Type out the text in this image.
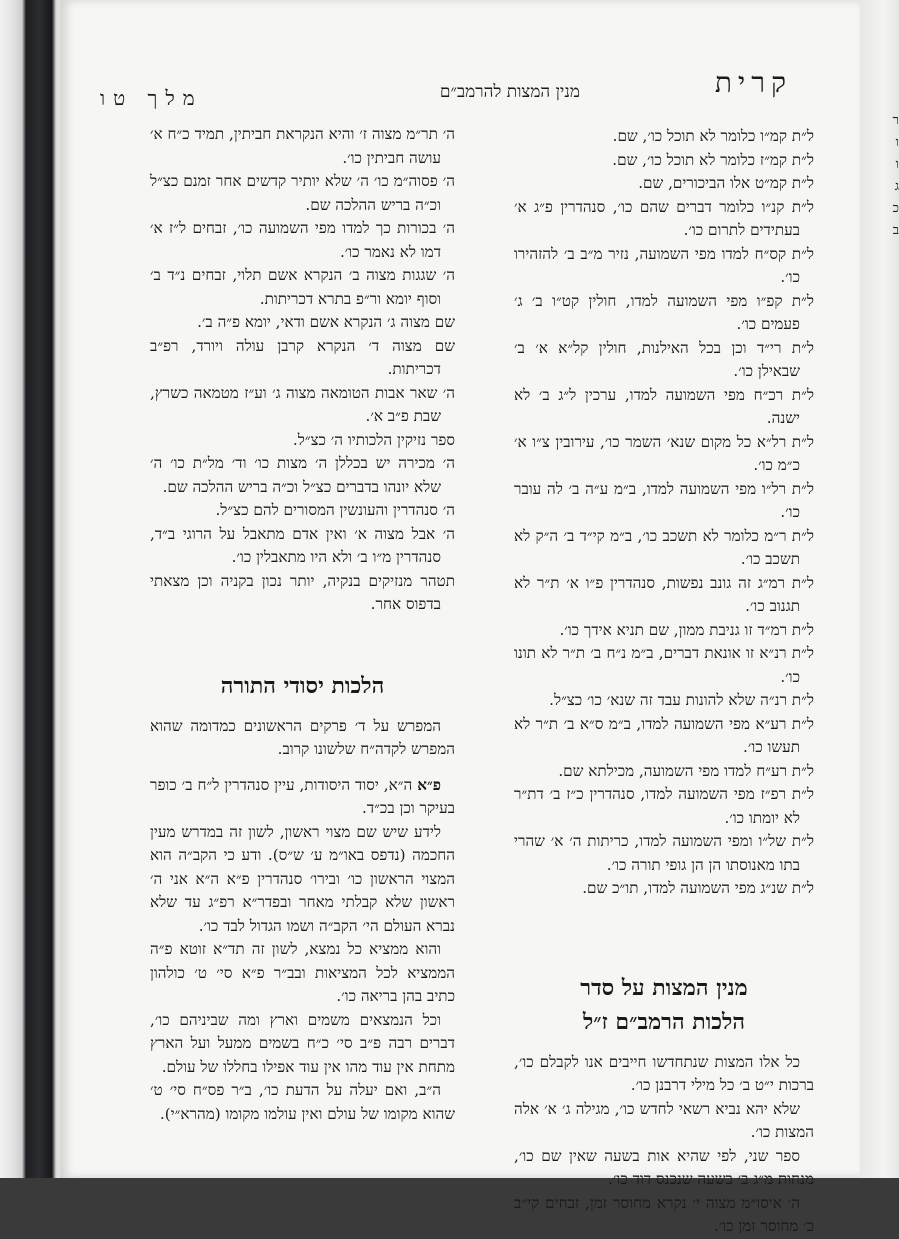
ר
ו
ו
ג
כ
ב
קרית
מנין המצות להרמב״ם
מלך טו

ל״ת קמ״ו כלומר לא תוכל כו׳, שם.

ל״ת קמ״ז כלומר לא תוכל כו׳, שם.

ל״ת קמ״ט אלו הביכורים, שם.

ל״ת קנ״ו כלומר דברים שהם כו׳, סנהדרין פ״ג א׳ בעתידים לתרום כו׳.

ל״ת קס״ח למדו מפי השמועה, נזיר מ״ב ב׳ להזהירו כו׳.

ל״ת קפ״ו מפי השמועה למדו, חולין קט״ו ב׳ ג׳ פעמים כו׳.

ל״ת רי״ד וכן בכל האילנות, חולין קל״א א׳ ב׳ שבאילן כו׳.

ל״ת רכ״ח מפי השמועה למדו, ערכין ל״ג ב׳ לא ישנה.

ל״ת רל״א כל מקום שנא׳ השמר כו׳, עירובין צ״ו א׳ כ״מ כו׳.

ל״ת רל״ו מפי השמועה למדו, ב״מ ע״ה ב׳ לה עובר כו׳.

ל״ת ר״מ כלומר לא תשכב כו׳, ב״מ קי״ד ב׳ ה״ק לא תשכב כו׳.

ל״ת רמ״ג זה גונב נפשות, סנהדרין פ״ו א׳ ת״ר לא תגנוב כו׳.

ל״ת רמ״ד זו גניבת ממון, שם תניא אידך כו׳.

ל״ת רנ״א זו אונאת דברים, ב״מ נ״ח ב׳ ת״ר לא תונו כו׳.

ל״ת רנ״ה שלא להונות עבד זה שנא׳ כו׳ כצ״ל.

ל״ת רע״א מפי השמועה למדו, ב״מ ס״א ב׳ ת״ר לא תעשו כו׳.

ל״ת רע״ח למדו מפי השמועה, מכילתא שם.

ל״ת רפ״ז מפי השמועה למדו, סנהדרין כ״ז ב׳ דת״ר לא יומתו כו׳.

ל״ת של״ו ומפי השמועה למדו, כריתות ה׳ א׳ שהרי בתו מאנוסתו הן הן גופי תורה כו׳.

ל״ת שנ״ג מפי השמועה למדו, תו״כ שם.

מנין המצות על סדר

הלכות הרמב״ם ז״ל

כל אלו המצות שנתחדשו חייבים אנו לקבלם כו׳, ברכות י״ט ב׳ כל מילי דרבנן כו׳.

שלא יהא נביא רשאי לחדש כו׳, מגילה ג׳ א׳ אלה המצות כו׳.

ספר שני, לפי שהיא אות בשעה שאין שם כו׳, מנחות מ״ג ב׳ בשעה שנכנס דוד כו׳.

ה׳ איסו״מ מצוה י׳ נקרא מחוסר זמן, זבחים קי״ב ב׳ מחוסר זמן כו׳.

ה׳ תר״מ מצוה ז׳ והיא הנקראת חביתין, תמיד כ״ח א׳ עושה חביתין כו׳.

ה׳ פסוה״מ כו׳ ה׳ שלא יותיר קדשים אחר זמנם כצ״ל וכ״ה בריש ההלכה שם.

ה׳ בכורות כך למדו מפי השמועה כו׳, זבחים ל״ז א׳ דמו לא נאמר כו׳.

ה׳ שגגות מצוה ב׳ הנקרא אשם תלוי, זבחים נ״ד ב׳ וסוף יומא ור״פ בתרא דכריתות.

שם מצוה ג׳ הנקרא אשם ודאי, יומא פ״ה ב׳.

שם מצוה ד׳ הנקרא קרבן עולה ויורד, רפ״ב דכריתות.

ה׳ שאר אבות הטומאה מצוה ג׳ וע״ז מטמאה כשרץ, שבת פ״ב א׳.

ספר נזיקין הלכותיו ה׳ כצ״ל.

ה׳ מכירה יש בכללן ה׳ מצות כו׳ וד׳ מל״ת כו׳ ה׳ שלא יונהו בדברים כצ״ל וכ״ה בריש ההלכה שם.

ה׳ סנהדרין והעונשין המסורים להם כצ״ל.

ה׳ אבל מצוה א׳ ואין אדם מתאבל על הרוגי ב״ד, סנהדרין מ״ו ב׳ ולא היו מתאבלין כו׳.

תטהר מנזיקים בנקיה, יותר נכון בקניה וכן מצאתי בדפוס אחר.

הלכות יסודי התורה

המפרש על ד׳ פרקים הראשונים כמדומה שהוא המפרש לקדה״ח שלשונו קרוב.

פ״א ה״א, יסוד היסודות, עיין סנהדרין ל״ח ב׳ כופר בעיקר וכן בכ״ד.

לידע שיש שם מצוי ראשון, לשון זה במדרש מעין החכמה (נדפס באו״מ ע׳ ש״ס). ודע כי הקב״ה הוא המצוי הראשון כו׳ ובירו׳ סנהדרין פ״א ה״א אני ה׳ ראשון שלא קבלתי מאחר ובפדר״א רפ״ג עד שלא נברא העולם הי׳ הקב״ה ושמו הגדול לבד כו׳.

והוא ממציא כל נמצא, לשון זה תד״א זוטא פ״ה הממציא לכל המציאות ובב״ר פ״א סי׳ ט׳ כולהון כתיב בהן בריאה כו׳.

וכל הנמצאים משמים וארץ ומה שביניהם כו׳, דברים רבה פ״ב סי׳ כ״ח בשמים ממעל ועל הארץ מתחת אין עוד מהו אין עוד אפילו בחללו של עולם.

ה״ב, ואם יעלה על הדעת כו׳, ב״ר פס״ח סי׳ ט׳ שהוא מקומו של עולם ואין עולמו מקומו (מהרא״י).
